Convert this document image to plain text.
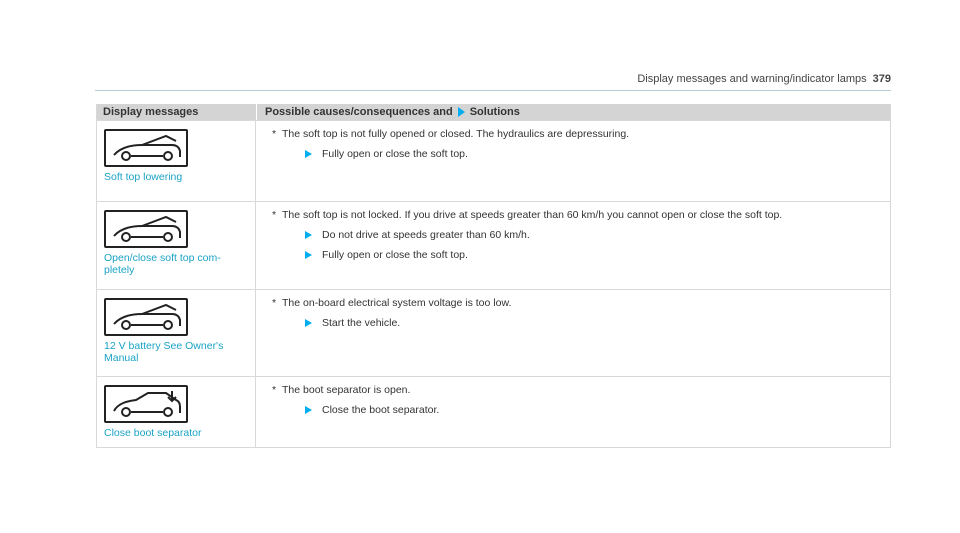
Display messages and warning/indicator lamps 379
Display messages	Possible causes/consequences and Solutions
Soft top lowering
* The soft top is not fully opened or closed. The hydraulics are depressuring.
Fully open or close the soft top.
Open/close soft top com-pletely
* The soft top is not locked. If you drive at speeds greater than 60 km/h you cannot open or close the soft top.
Do not drive at speeds greater than 60 km/h.
Fully open or close the soft top.
12 V battery See Owner's Manual
* The on-board electrical system voltage is too low.
Start the vehicle.
Close boot separator
* The boot separator is open.
Close the boot separator.
